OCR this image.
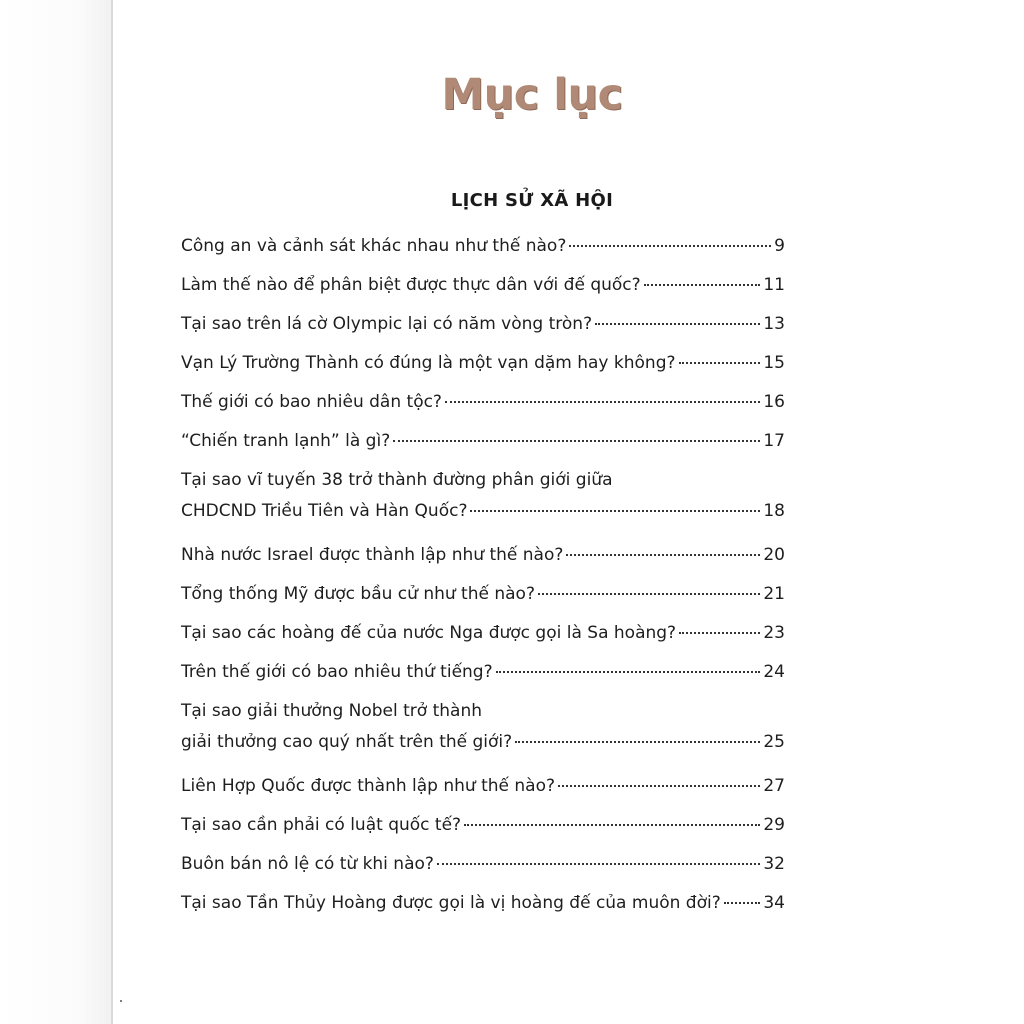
Mục lục
LỊCH SỬ XÃ HỘI
Công an và cảnh sát khác nhau như thế nào?	9
Làm thế nào để phân biệt được thực dân với đế quốc?	11
Tại sao trên lá cờ Olympic lại có năm vòng tròn?	13
Vạn Lý Trường Thành có đúng là một vạn dặm hay không?	15
Thế giới có bao nhiêu dân tộc?	16
“Chiến tranh lạnh” là gì?	17
Tại sao vĩ tuyến 38 trở thành đường phân giới giữa
CHDCND Triều Tiên và Hàn Quốc?	18
Nhà nước Israel được thành lập như thế nào?	20
Tổng thống Mỹ được bầu cử như thế nào?	21
Tại sao các hoàng đế của nước Nga được gọi là Sa hoàng?	23
Trên thế giới có bao nhiêu thứ tiếng?	24
Tại sao giải thưởng Nobel trở thành
giải thưởng cao quý nhất trên thế giới?	25
Liên Hợp Quốc được thành lập như thế nào?	27
Tại sao cần phải có luật quốc tế?	29
Buôn bán nô lệ có từ khi nào?	32
Tại sao Tần Thủy Hoàng được gọi là vị hoàng đế của muôn đời?	34
